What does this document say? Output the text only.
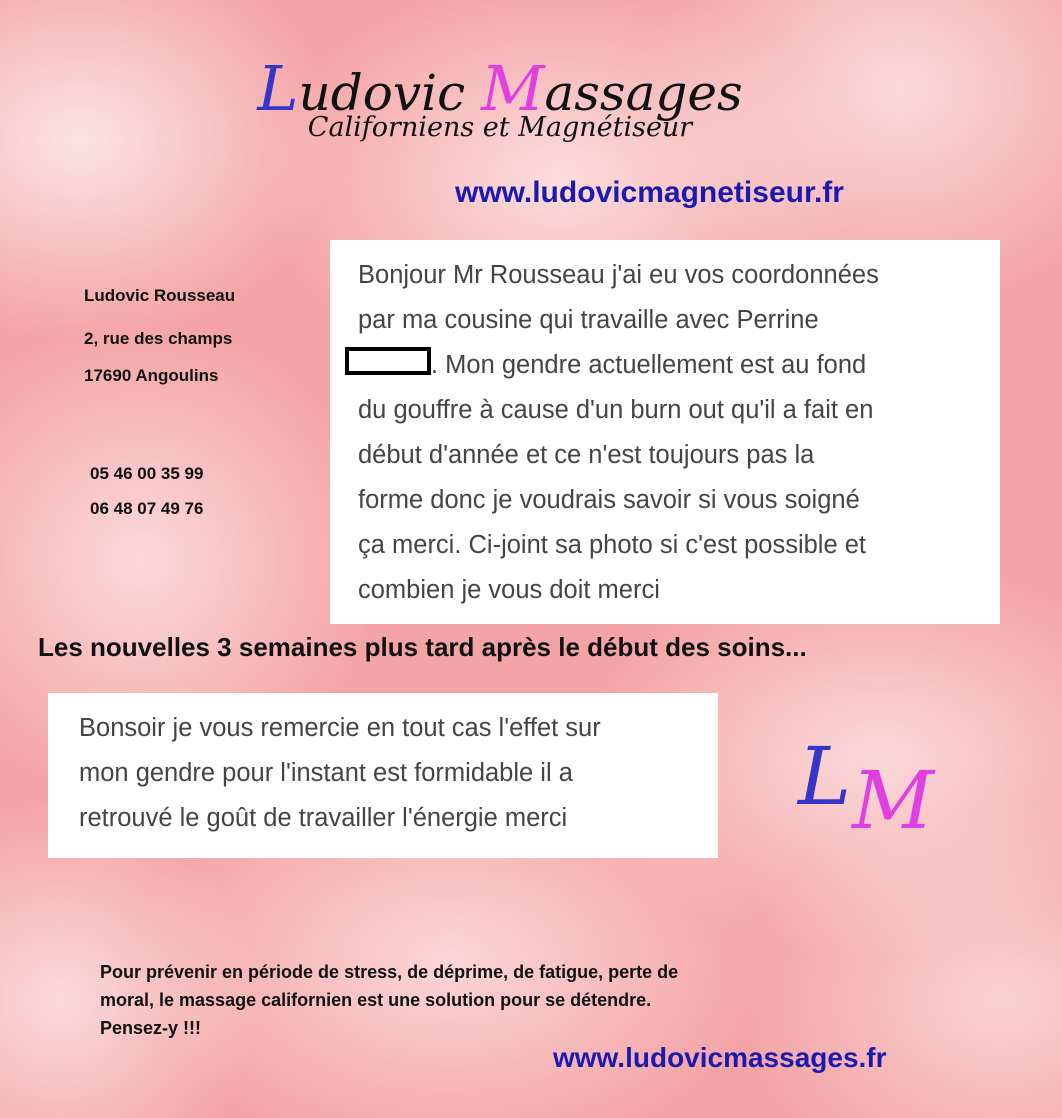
Ludovic Massages
Californiens et Magnétiseur
www.ludovicmagnetiseur.fr
Ludovic Rousseau
2, rue des champs
17690 Angoulins
05 46 00 35 99
06 48 07 49 76
Bonjour Mr Rousseau j'ai eu vos coordonnées
par ma cousine qui travaille avec Perrine
. Mon gendre actuellement est au fond
du gouffre à cause d'un burn out qu'il a fait en
début d'année et ce n'est toujours pas la
forme donc je voudrais savoir si vous soigné
ça merci. Ci-joint sa photo si c'est possible et
combien je vous doit merci
Les nouvelles 3 semaines plus tard après le début des soins...
Bonsoir je vous remercie en tout cas l'effet sur
mon gendre pour l'instant est formidable il a
retrouvé le goût de travailler l'énergie merci	L M
Pour prévenir en période de stress, de déprime, de fatigue, perte de
moral, le massage californien est une solution pour se détendre.
Pensez-y !!!
www.ludovicmassages.fr
